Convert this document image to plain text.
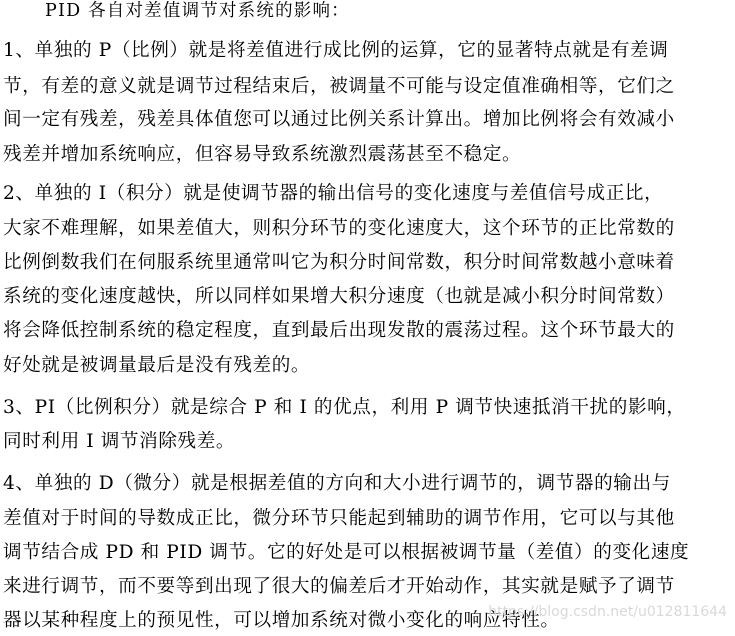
PID 各自对差值调节对系统的影响：
1、单独的 P（比例）就是将差值进行成比例的运算，它的显著特点就是有差调
节，有差的意义就是调节过程结束后，被调量不可能与设定值准确相等，它们之
间一定有残差，残差具体值您可以通过比例关系计算出。增加比例将会有效减小
残差并增加系统响应，但容易导致系统激烈震荡甚至不稳定。
2、单独的 I（积分）就是使调节器的输出信号的变化速度与差值信号成正比，
大家不难理解，如果差值大，则积分环节的变化速度大，这个环节的正比常数的
比例倒数我们在伺服系统里通常叫它为积分时间常数，积分时间常数越小意味着
系统的变化速度越快，所以同样如果增大积分速度（也就是减小积分时间常数）
将会降低控制系统的稳定程度，直到最后出现发散的震荡过程。这个环节最大的
好处就是被调量最后是没有残差的。
3、PI（比例积分）就是综合 P 和 I 的优点，利用 P 调节快速抵消干扰的影响，
同时利用 I 调节消除残差。
4、单独的 D（微分）就是根据差值的方向和大小进行调节的，调节器的输出与
差值对于时间的导数成正比，微分环节只能起到辅助的调节作用，它可以与其他
调节结合成 PD 和 PID 调节。它的好处是可以根据被调节量（差值）的变化速度
来进行调节，而不要等到出现了很大的偏差后才开始动作，其实就是赋予了调节
器以某种程度上的预见性，可以增加系统对微小变化的响应特性。
https://blog.csdn.net/u012811644
